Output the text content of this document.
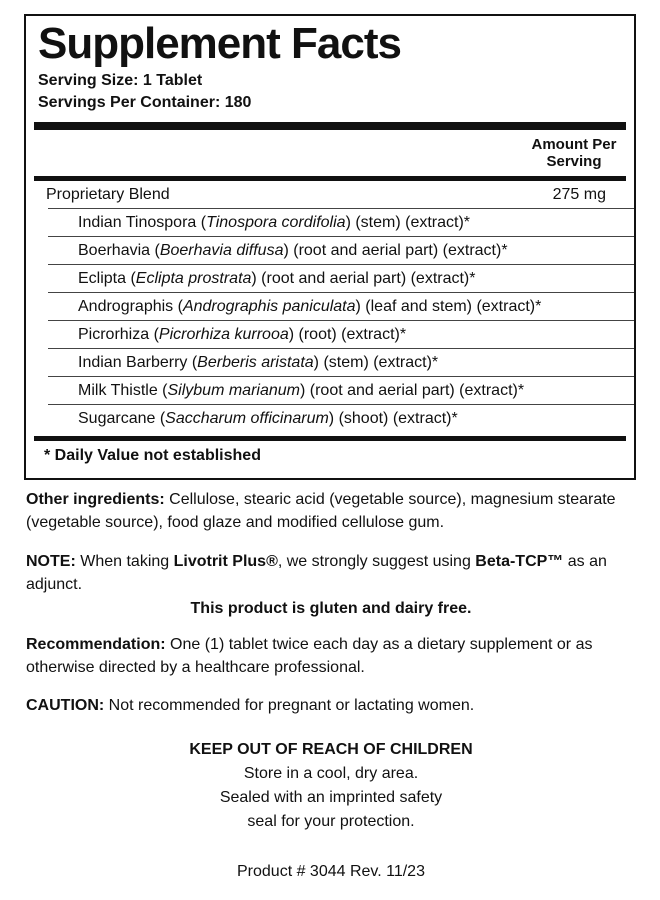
Supplement Facts
Serving Size: 1 Tablet
Servings Per Container: 180
Amount Per
Serving
Proprietary Blend	275 mg
Indian Tinospora (Tinospora cordifolia) (stem) (extract)*
Boerhavia (Boerhavia diffusa) (root and aerial part) (extract)*
Eclipta (Eclipta prostrata) (root and aerial part) (extract)*
Andrographis (Andrographis paniculata) (leaf and stem) (extract)*
Picrorhiza (Picrorhiza kurrooa) (root) (extract)*
Indian Barberry (Berberis aristata) (stem) (extract)*
Milk Thistle (Silybum marianum) (root and aerial part) (extract)*
Sugarcane (Saccharum officinarum) (shoot) (extract)*
* Daily Value not established
Other ingredients: Cellulose, stearic acid (vegetable source), magnesium stearate (vegetable source), food glaze and modified cellulose gum.
NOTE: When taking Livotrit Plus®, we strongly suggest using Beta-TCP™ as an adjunct.
This product is gluten and dairy free.
Recommendation: One (1) tablet twice each day as a dietary supplement or as otherwise directed by a healthcare professional.
CAUTION: Not recommended for pregnant or lactating women.
KEEP OUT OF REACH OF CHILDREN
Store in a cool, dry area.
Sealed with an imprinted safety
seal for your protection.
Product # 3044 Rev. 11/23
